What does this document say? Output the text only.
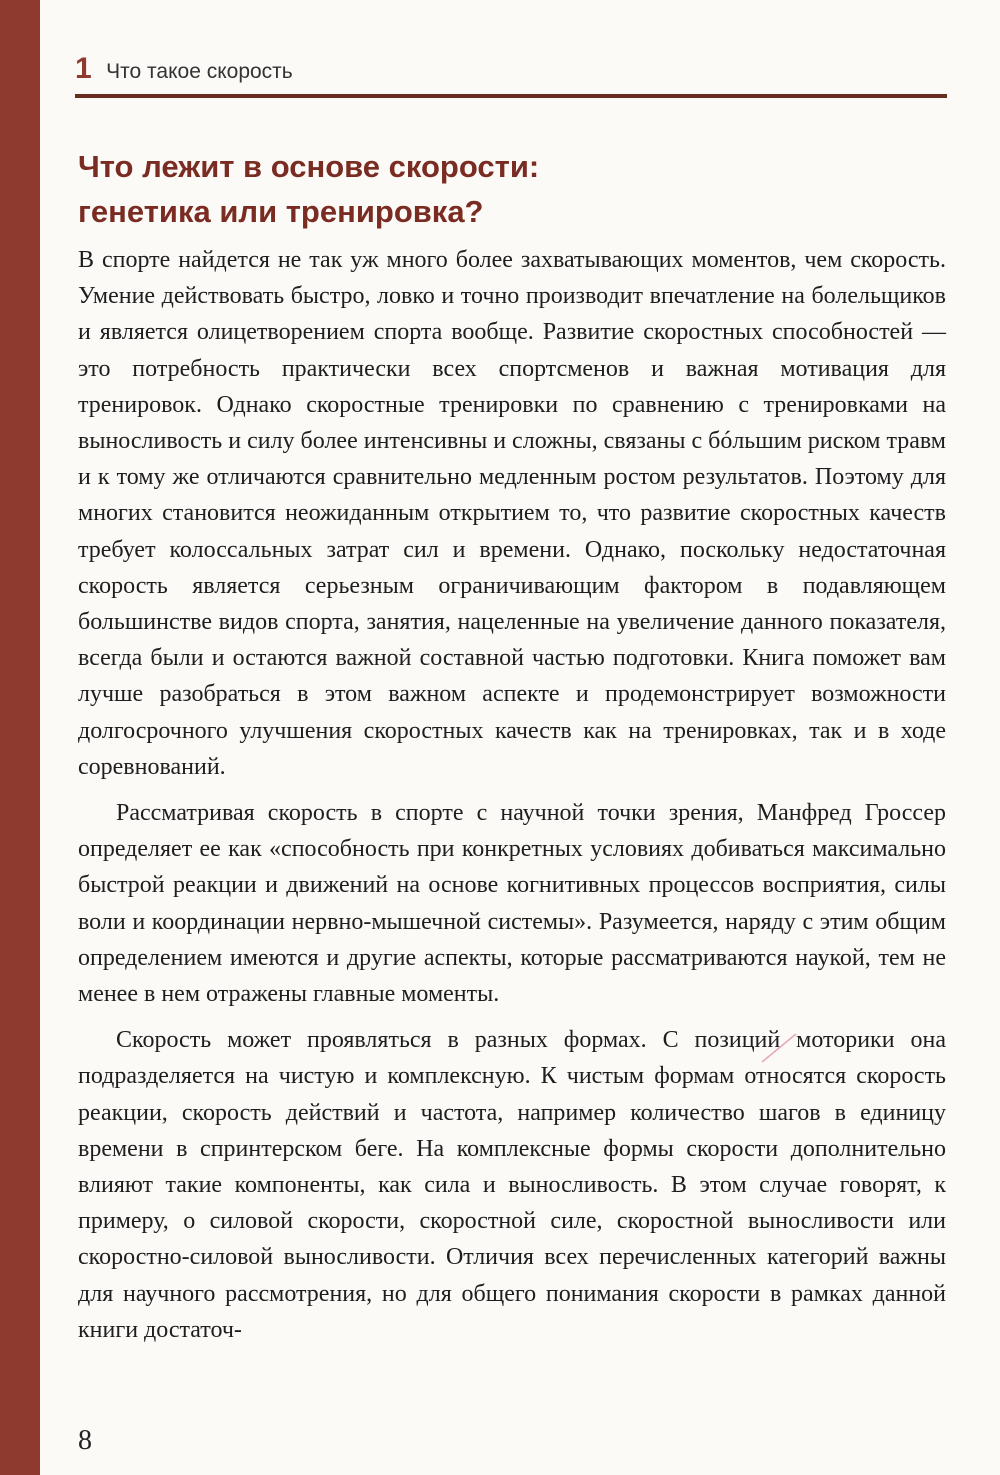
1 Что такое скорость
Что лежит в основе скорости:
генетика или тренировка?

В спорте найдется не так уж много более захватывающих моментов, чем скорость. Умение действовать быстро, ловко и точно производит впечатление на болельщиков и является олицетворением спорта вообще. Развитие скоростных способностей — это потребность практически всех спортсменов и важная мотивация для тренировок. Однако скоростные тренировки по сравнению с тренировками на выносливость и силу более интенсивны и сложны, связаны с бóльшим риском травм и к тому же отличаются сравнительно медленным ростом результатов. Поэтому для многих становится неожиданным открытием то, что развитие скоростных качеств требует колоссальных затрат сил и времени. Однако, поскольку недостаточная скорость является серьезным ограничивающим фактором в подавляющем большинстве видов спорта, занятия, нацеленные на увеличение данного показателя, всегда были и остаются важной составной частью подготовки. Книга поможет вам лучше разобраться в этом важном аспекте и продемонстрирует возможности долгосрочного улучшения скоростных качеств как на тренировках, так и в ходе соревнований.

Рассматривая скорость в спорте с научной точки зрения, Манфред Гроссер определяет ее как «способность при конкретных условиях добиваться максимально быстрой реакции и движений на основе когнитивных процессов восприятия, силы воли и координации нервно-мышечной системы». Разумеется, наряду с этим общим определением имеются и другие аспекты, которые рассматриваются наукой, тем не менее в нем отражены главные моменты.

Скорость может проявляться в разных формах. С позиций моторики она подразделяется на чистую и комплексную. К чистым формам относятся скорость реакции, скорость действий и частота, например количество шагов в единицу времени в спринтерском беге. На комплексные формы скорости дополнительно влияют такие компоненты, как сила и выносливость. В этом случае говорят, к примеру, о силовой скорости, скоростной силе, скоростной выносливости или скоростно-силовой выносливости. Отличия всех перечисленных категорий важны для научного рассмотрения, но для общего понимания скорости в рамках данной книги достаточ-

8
